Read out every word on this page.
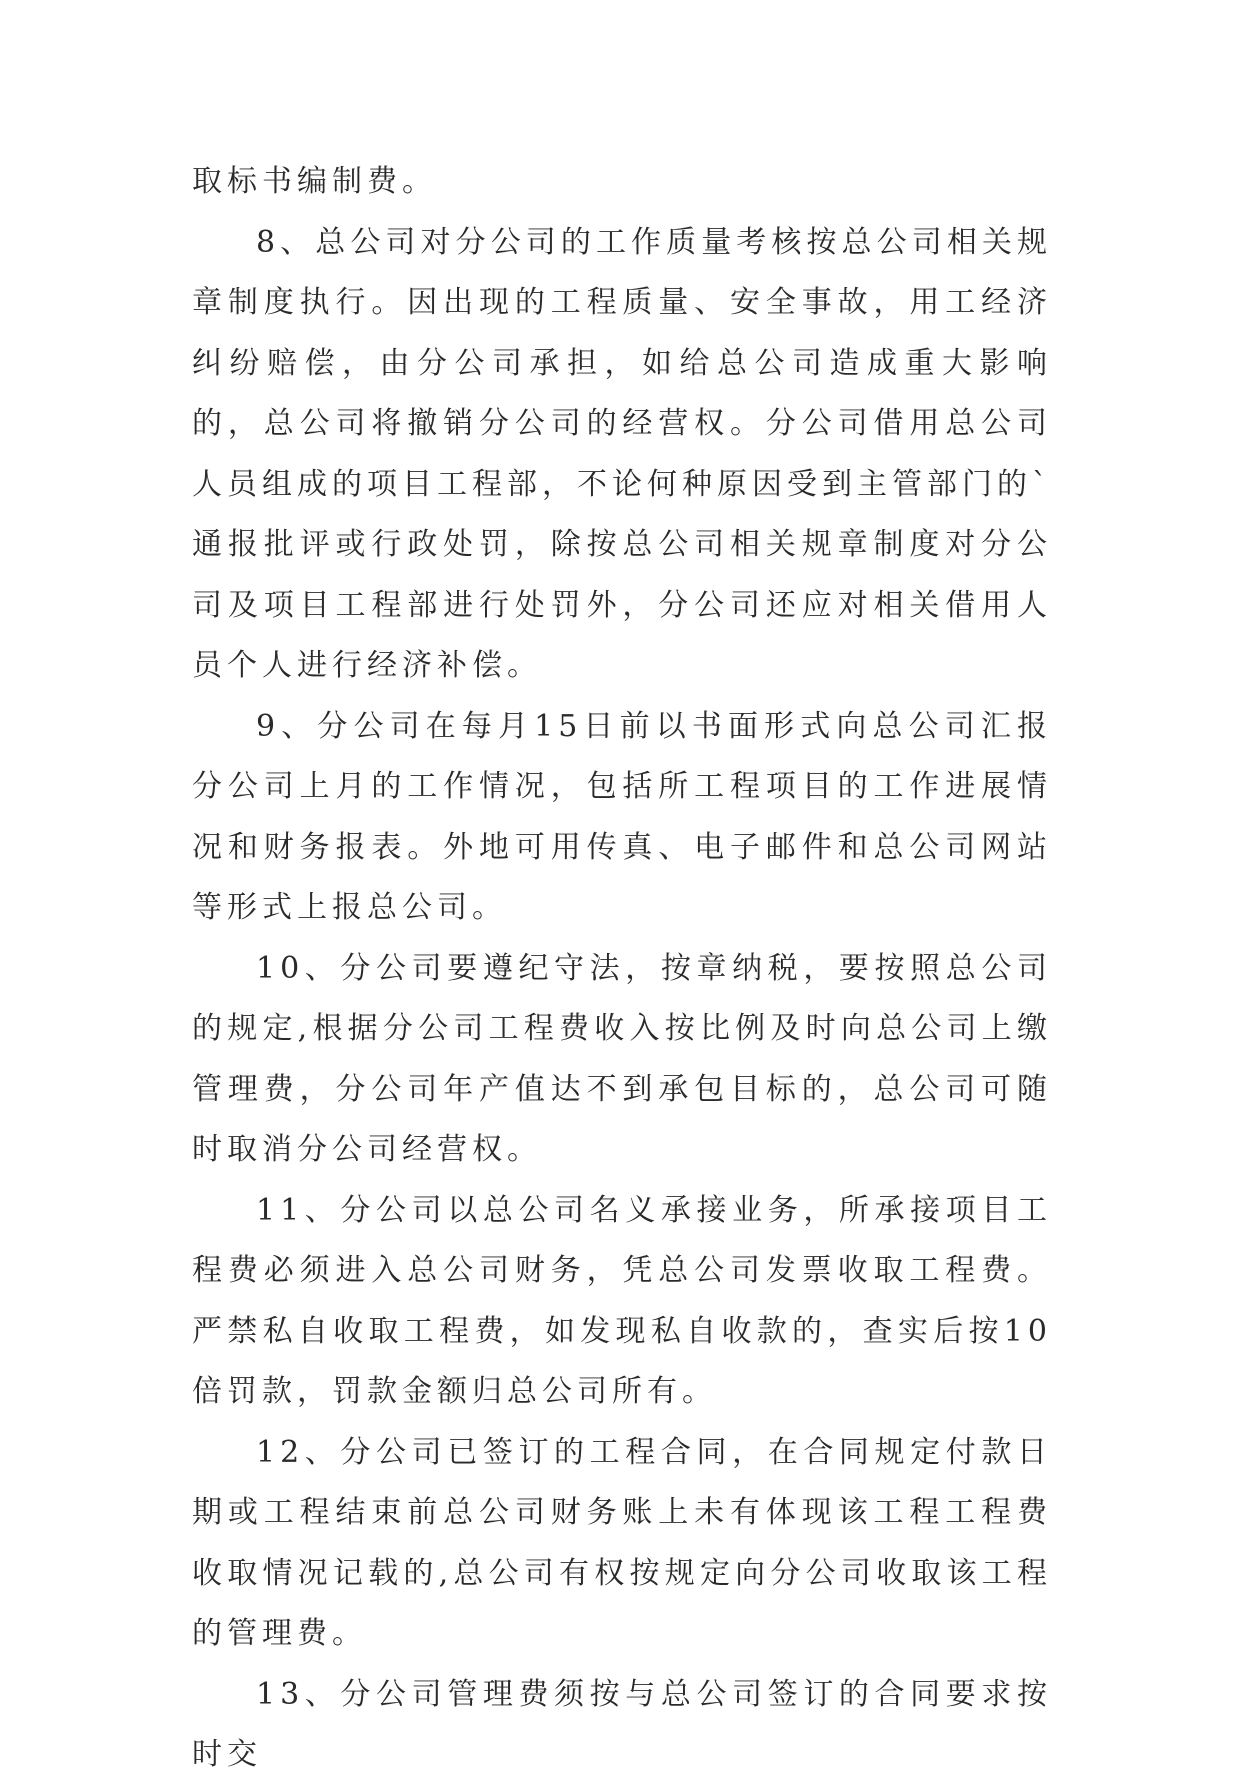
取标书编制费。

8、总公司对分公司的工作质量考核按总公司相关规章制度执行。因出现的工程质量、安全事故，用工经济纠纷赔偿，由分公司承担，如给总公司造成重大影响的，总公司将撤销分公司的经营权。分公司借用总公司人员组成的项目工程部，不论何种原因受到主管部门的`通报批评或行政处罚，除按总公司相关规章制度对分公司及项目工程部进行处罚外，分公司还应对相关借用人员个人进行经济补偿。

9、分公司在每月15日前以书面形式向总公司汇报分公司上月的工作情况，包括所工程项目的工作进展情况和财务报表。外地可用传真、电子邮件和总公司网站等形式上报总公司。

10、分公司要遵纪守法，按章纳税，要按照总公司的规定,根据分公司工程费收入按比例及时向总公司上缴管理费，分公司年产值达不到承包目标的，总公司可随时取消分公司经营权。

11、分公司以总公司名义承接业务，所承接项目工程费必须进入总公司财务，凭总公司发票收取工程费。严禁私自收取工程费，如发现私自收款的，查实后按10倍罚款，罚款金额归总公司所有。

12、分公司已签订的工程合同，在合同规定付款日期或工程结束前总公司财务账上未有体现该工程工程费收取情况记载的,总公司有权按规定向分公司收取该工程的管理费。

13、分公司管理费须按与总公司签订的合同要求按时交
